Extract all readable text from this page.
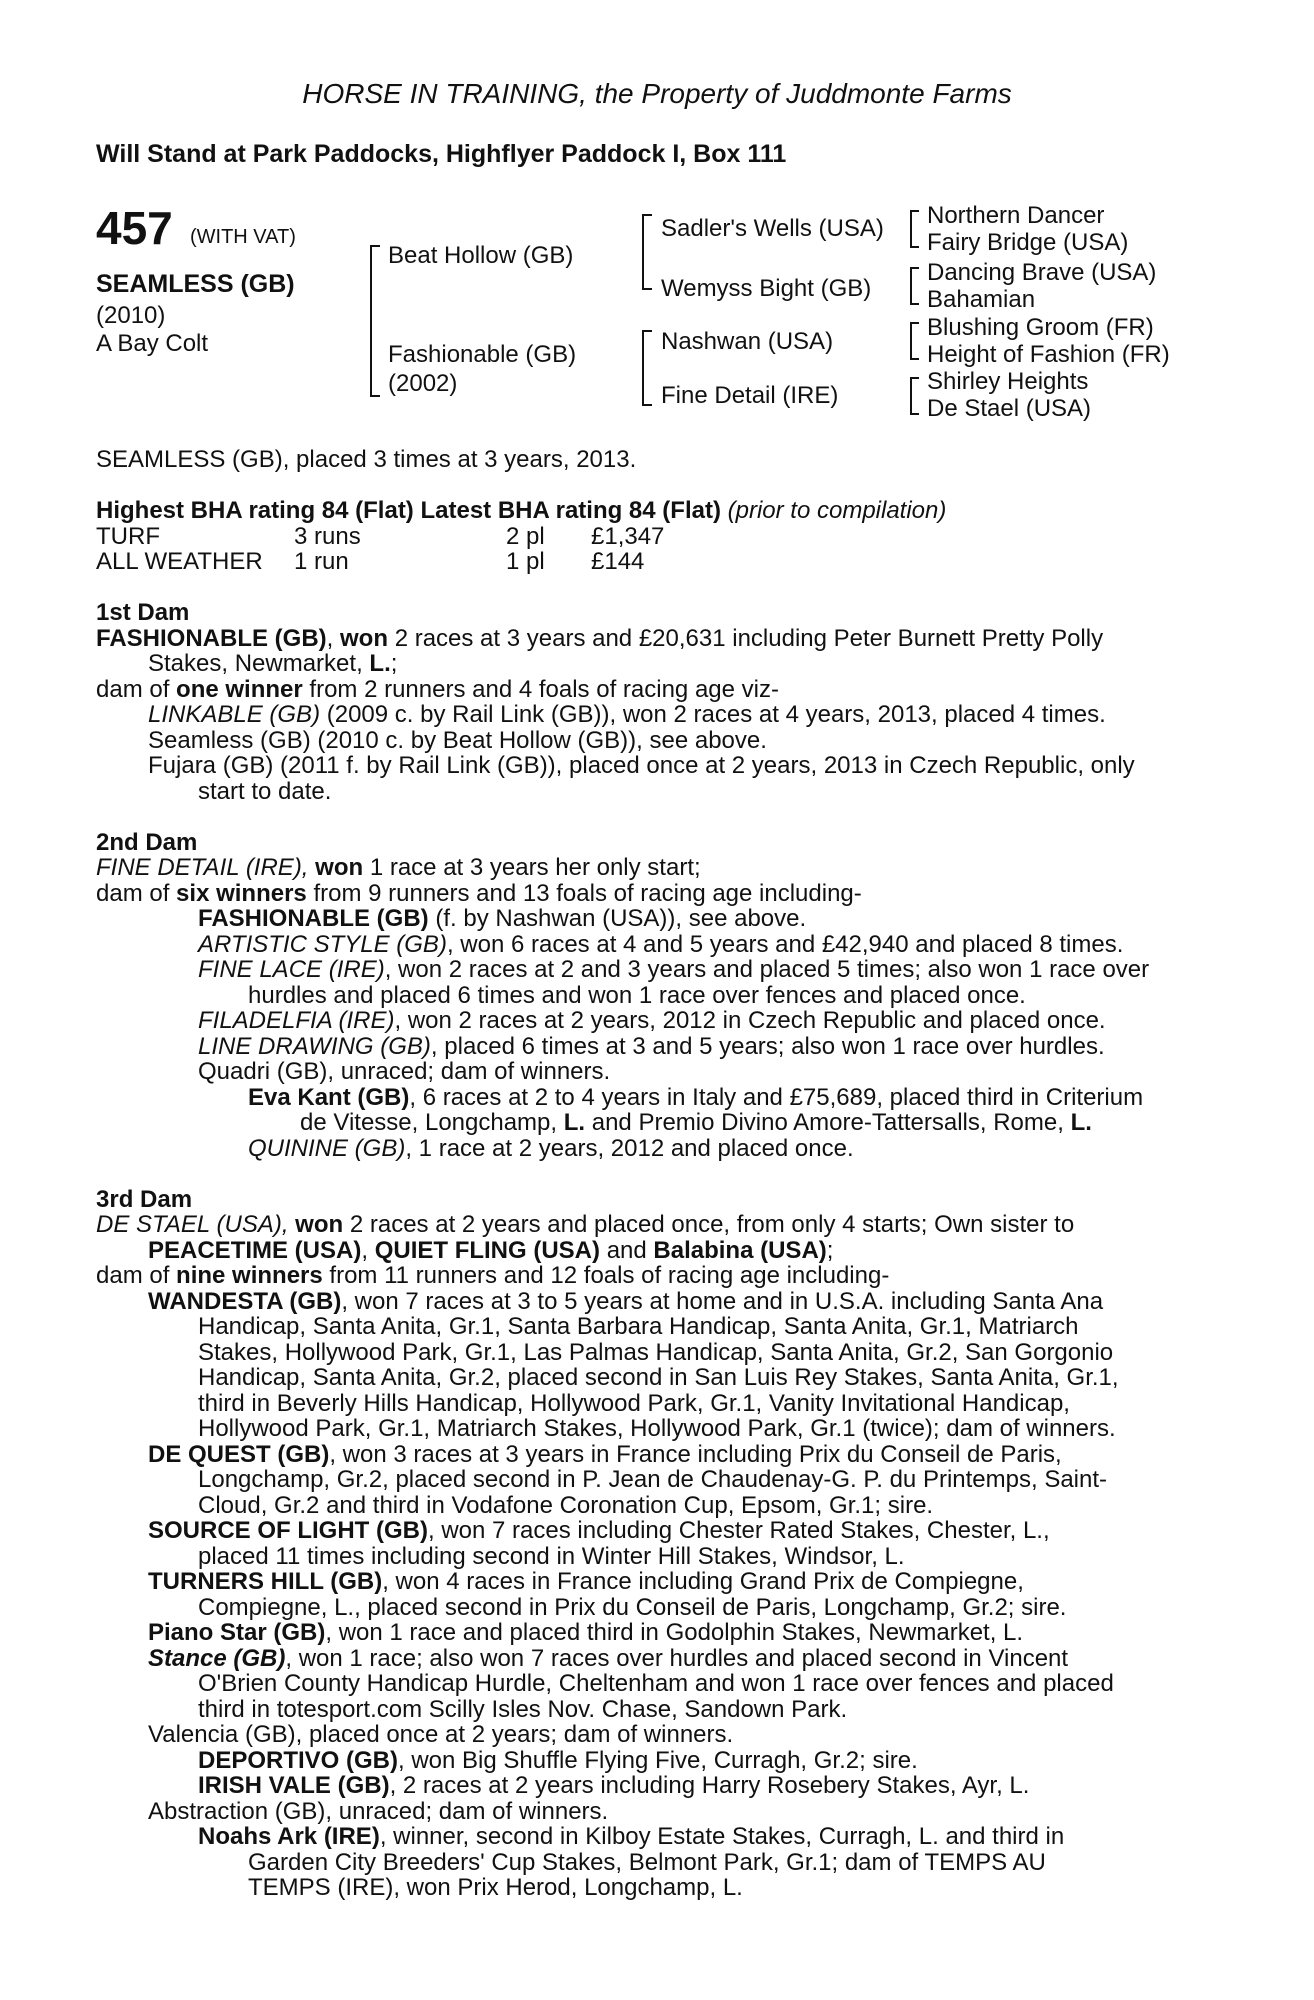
HORSE IN TRAINING, the Property of Juddmonte Farms
Will Stand at Park Paddocks, Highflyer Paddock I, Box 111
457 (WITH VAT)
SEAMLESS (GB)
(2010)
A Bay Colt
Beat Hollow (GB)
Fashionable (GB)
(2002)
Sadler's Wells (USA)
Wemyss Bight (GB)
Nashwan (USA)
Fine Detail (IRE)
Northern Dancer
Fairy Bridge (USA)
Dancing Brave (USA)
Bahamian
Blushing Groom (FR)
Height of Fashion (FR)
Shirley Heights
De Stael (USA)

SEAMLESS (GB), placed 3 times at 3 years, 2013.

Highest BHA rating 84 (Flat) Latest BHA rating 84 (Flat) (prior to compilation)

TURF	3 runs	2 pl £1,347

ALL WEATHER 1 run	1 pl £144

1st Dam

FASHIONABLE (GB), won 2 races at 3 years and £20,631 including Peter Burnett Pretty Polly

Stakes, Newmarket, L.;

dam of one winner from 2 runners and 4 foals of racing age viz-

LINKABLE (GB) (2009 c. by Rail Link (GB)), won 2 races at 4 years, 2013, placed 4 times.

Seamless (GB) (2010 c. by Beat Hollow (GB)), see above.

Fujara (GB) (2011 f. by Rail Link (GB)), placed once at 2 years, 2013 in Czech Republic, only

start to date.

2nd Dam

FINE DETAIL (IRE), won 1 race at 3 years her only start;

dam of six winners from 9 runners and 13 foals of racing age including-

FASHIONABLE (GB) (f. by Nashwan (USA)), see above.

ARTISTIC STYLE (GB), won 6 races at 4 and 5 years and £42,940 and placed 8 times.

FINE LACE (IRE), won 2 races at 2 and 3 years and placed 5 times; also won 1 race over

hurdles and placed 6 times and won 1 race over fences and placed once.

FILADELFIA (IRE), won 2 races at 2 years, 2012 in Czech Republic and placed once.

LINE DRAWING (GB), placed 6 times at 3 and 5 years; also won 1 race over hurdles.

Quadri (GB), unraced; dam of winners.

Eva Kant (GB), 6 races at 2 to 4 years in Italy and £75,689, placed third in Criterium

de Vitesse, Longchamp, L. and Premio Divino Amore-Tattersalls, Rome, L.

QUININE (GB), 1 race at 2 years, 2012 and placed once.

3rd Dam

DE STAEL (USA), won 2 races at 2 years and placed once, from only 4 starts; Own sister to

PEACETIME (USA), QUIET FLING (USA) and Balabina (USA);

dam of nine winners from 11 runners and 12 foals of racing age including-

WANDESTA (GB), won 7 races at 3 to 5 years at home and in U.S.A. including Santa Ana

Handicap, Santa Anita, Gr.1, Santa Barbara Handicap, Santa Anita, Gr.1, Matriarch

Stakes, Hollywood Park, Gr.1, Las Palmas Handicap, Santa Anita, Gr.2, San Gorgonio

Handicap, Santa Anita, Gr.2, placed second in San Luis Rey Stakes, Santa Anita, Gr.1,

third in Beverly Hills Handicap, Hollywood Park, Gr.1, Vanity Invitational Handicap,

Hollywood Park, Gr.1, Matriarch Stakes, Hollywood Park, Gr.1 (twice); dam of winners.

DE QUEST (GB), won 3 races at 3 years in France including Prix du Conseil de Paris,

Longchamp, Gr.2, placed second in P. Jean de Chaudenay-G. P. du Printemps, Saint-

Cloud, Gr.2 and third in Vodafone Coronation Cup, Epsom, Gr.1; sire.

SOURCE OF LIGHT (GB), won 7 races including Chester Rated Stakes, Chester, L.,

placed 11 times including second in Winter Hill Stakes, Windsor, L.

TURNERS HILL (GB), won 4 races in France including Grand Prix de Compiegne,

Compiegne, L., placed second in Prix du Conseil de Paris, Longchamp, Gr.2; sire.

Piano Star (GB), won 1 race and placed third in Godolphin Stakes, Newmarket, L.

Stance (GB), won 1 race; also won 7 races over hurdles and placed second in Vincent

O'Brien County Handicap Hurdle, Cheltenham and won 1 race over fences and placed

third in totesport.com Scilly Isles Nov. Chase, Sandown Park.

Valencia (GB), placed once at 2 years; dam of winners.

DEPORTIVO (GB), won Big Shuffle Flying Five, Curragh, Gr.2; sire.

IRISH VALE (GB), 2 races at 2 years including Harry Rosebery Stakes, Ayr, L.

Abstraction (GB), unraced; dam of winners.

Noahs Ark (IRE), winner, second in Kilboy Estate Stakes, Curragh, L. and third in

Garden City Breeders' Cup Stakes, Belmont Park, Gr.1; dam of TEMPS AU

TEMPS (IRE), won Prix Herod, Longchamp, L.
